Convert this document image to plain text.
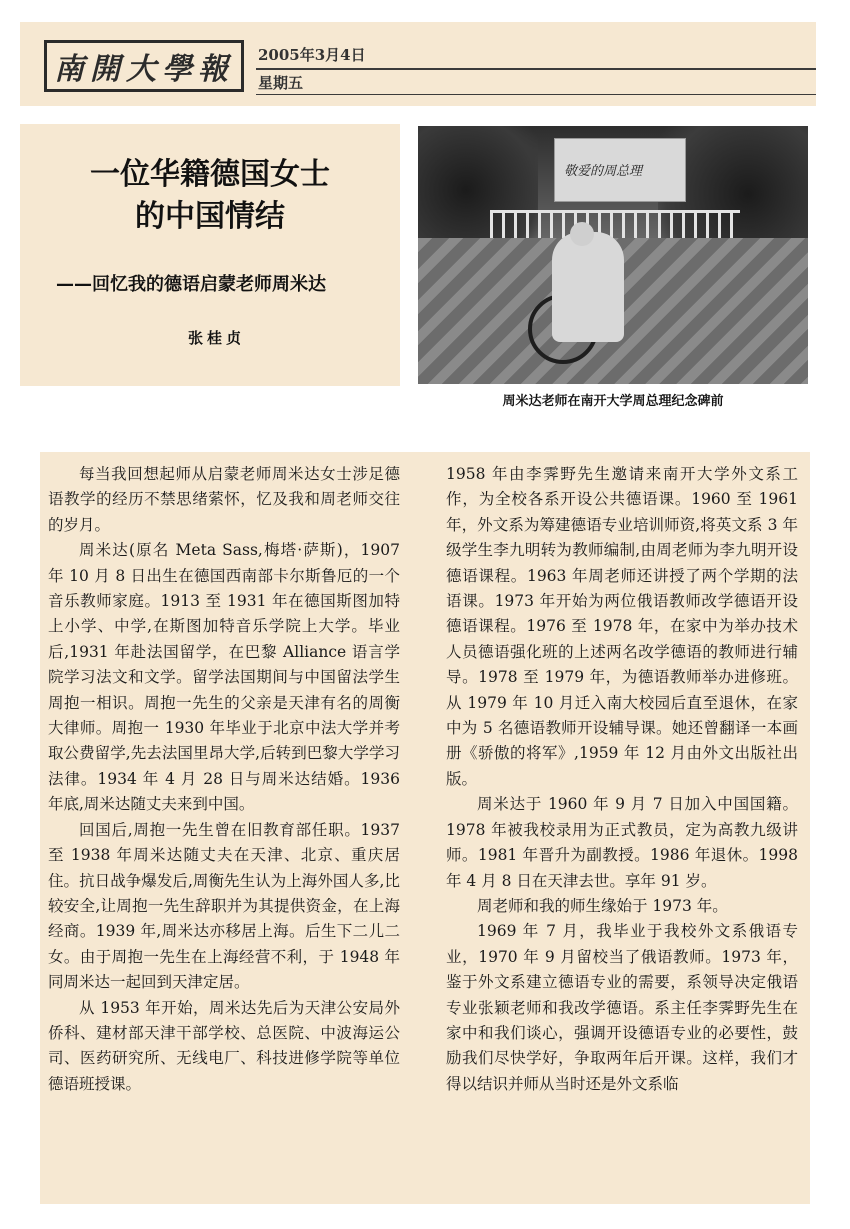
南開大學報	2005年3月4日
星期五
一位华籍德国女士
的中国情结
——回忆我的德语启蒙老师周米达
张桂贞
敬爱的周总理
周米达老师在南开大学周总理纪念碑前

每当我回想起师从启蒙老师周米达女士涉足德语教学的经历不禁思绪萦怀，忆及我和周老师交往的岁月。

周米达(原名 Meta Sass,梅塔·萨斯)，1907 年 10 月 8 日出生在德国西南部卡尔斯鲁厄的一个音乐教师家庭。1913 至 1931 年在德国斯图加特上小学、中学,在斯图加特音乐学院上大学。毕业后,1931 年赴法国留学，在巴黎 Alliance 语言学院学习法文和文学。留学法国期间与中国留法学生周抱一相识。周抱一先生的父亲是天津有名的周衡大律师。周抱一 1930 年毕业于北京中法大学并考取公费留学,先去法国里昂大学,后转到巴黎大学学习法律。1934 年 4 月 28 日与周米达结婚。1936 年底,周米达随丈夫来到中国。

回国后,周抱一先生曾在旧教育部任职。1937 至 1938 年周米达随丈夫在天津、北京、重庆居住。抗日战争爆发后,周衡先生认为上海外国人多,比较安全,让周抱一先生辞职并为其提供资金，在上海经商。1939 年,周米达亦移居上海。后生下二儿二女。由于周抱一先生在上海经营不利，于 1948 年同周米达一起回到天津定居。

从 1953 年开始，周米达先后为天津公安局外侨科、建材部天津干部学校、总医院、中波海运公司、医药研究所、无线电厂、科技进修学院等单位德语班授课。

1958 年由李霁野先生邀请来南开大学外文系工作，为全校各系开设公共德语课。1960 至 1961 年，外文系为筹建德语专业培训师资,将英文系 3 年级学生李九明转为教师编制,由周老师为李九明开设德语课程。1963 年周老师还讲授了两个学期的法语课。1973 年开始为两位俄语教师改学德语开设德语课程。1976 至 1978 年，在家中为举办技术人员德语强化班的上述两名改学德语的教师进行辅导。1978 至 1979 年，为德语教师举办进修班。从 1979 年 10 月迁入南大校园后直至退休，在家中为 5 名德语教师开设辅导课。她还曾翻译一本画册《骄傲的将军》,1959 年 12 月由外文出版社出版。

周米达于 1960 年 9 月 7 日加入中国国籍。1978 年被我校录用为正式教员，定为高教九级讲师。1981 年晋升为副教授。1986 年退休。1998 年 4 月 8 日在天津去世。享年 91 岁。

周老师和我的师生缘始于 1973 年。

1969 年 7 月，我毕业于我校外文系俄语专业，1970 年 9 月留校当了俄语教师。1973 年，鉴于外文系建立德语专业的需要，系领导决定俄语专业张颖老师和我改学德语。系主任李霁野先生在家中和我们谈心，强调开设德语专业的必要性，鼓励我们尽快学好，争取两年后开课。这样，我们才得以结识并师从当时还是外文系临
